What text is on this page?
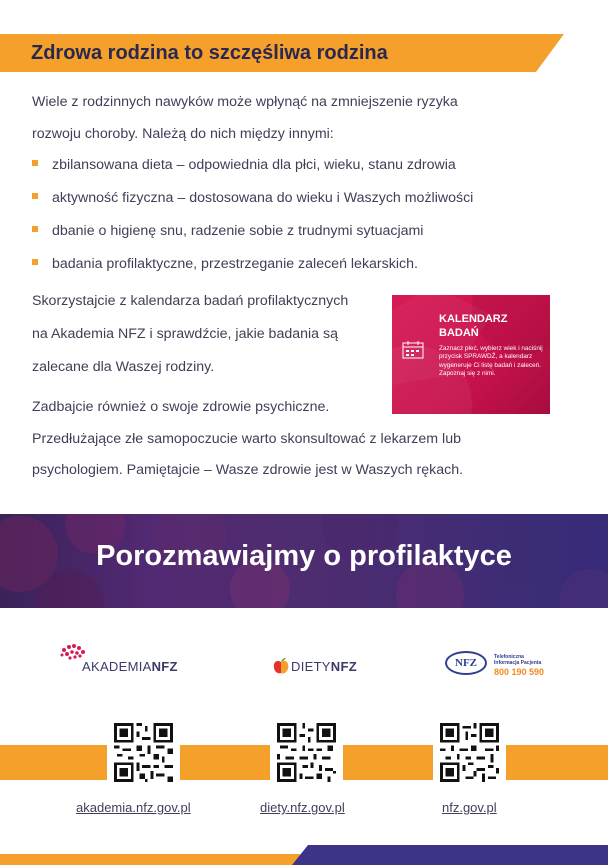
Zdrowa rodzina to szczęśliwa rodzina
Wiele z rodzinnych nawyków może wpłynąć na zmniejszenie ryzyka
rozwoju choroby. Należą do nich między innymi:
zbilansowana dieta – odpowiednia dla płci, wieku, stanu zdrowia
aktywność fizyczna – dostosowana do wieku i Waszych możliwości
dbanie o higienę snu, radzenie sobie z trudnymi sytuacjami
badania profilaktyczne, przestrzeganie zaleceń lekarskich.
Skorzystajcie z kalendarza badań profilaktycznych
na Akademia NFZ i sprawdźcie, jakie badania są
zalecane dla Waszej rodziny.
KALENDARZ
BADAŃ
Zaznacz płeć, wybierz wiek i naciśnij przycisk SPRAWDŹ, a kalendarz wygeneruje Ci listę badań i zaleceń. Zapoznaj się z nimi.
Zadbajcie również o swoje zdrowie psychiczne.
Przedłużające złe samopoczucie warto skonsultować z lekarzem lub
psychologiem. Pamiętajcie – Wasze zdrowie jest w Waszych rękach.
Porozmawiajmy o profilaktyce
AKADEMIANFZ	DIETYNFZ	NFZ	Telefoniczna
Informacja Pacjenta
800 190 590
akademia.nfz.gov.pl	diety.nfz.gov.pl	nfz.gov.pl
